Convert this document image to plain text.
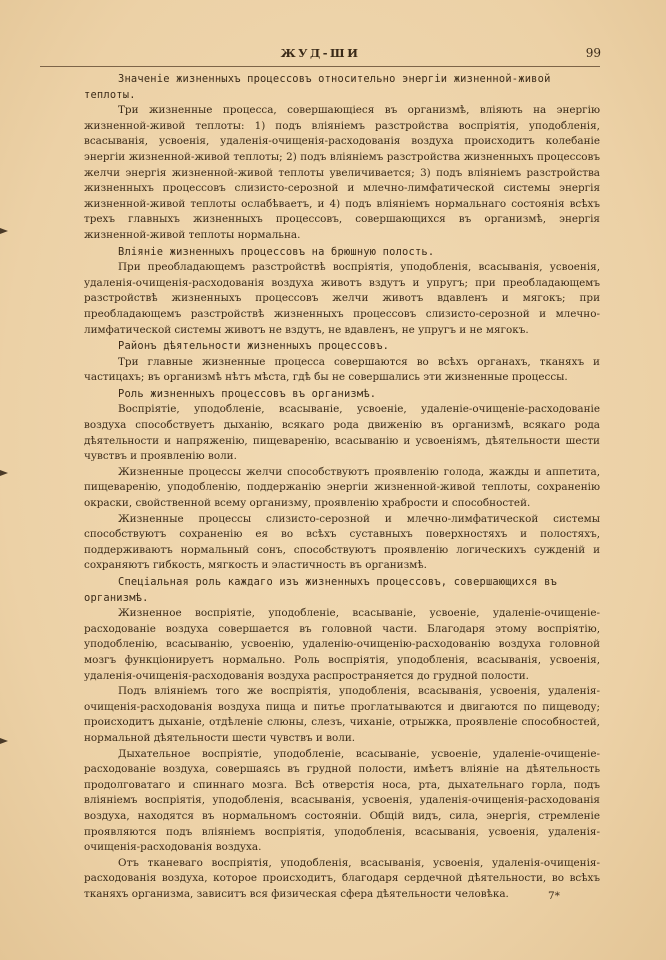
ЖУД-ШИ	99

Значеніе жизненныхъ процессовъ относительно энергіи жизненной-живой теплоты.

Три жизненные процесса, совершающіеся въ организмѣ, вліяють на энергію жизненной-живой теплоты: 1) подъ вліяніемъ разстройства воспріятія, уподобленія, всасыванія, усвоенія, удаленія-очищенія-расходованія воздуха происходитъ колебаніе энергіи жизненной-живой теплоты; 2) подъ вліяніемъ разстройства жизненныхъ процессовъ желчи энергія жизненной-живой теплоты увеличивается; 3) подъ вліяніемъ разстройства жизненныхъ процессовъ слизисто-серозной и млечно-лимфатической системы энергія жизненной-живой теплоты ослабѣваетъ, и 4) подъ вліяніемъ нормальнаго состоянія всѣхъ трехъ главныхъ жизненныхъ процессовъ, совершающихся въ организмѣ, энергія жизненной-живой теплоты нормальна.

Вліяніе жизненныхъ процессовъ на брюшную полость.

При преобладающемъ разстройствѣ воспріятія, уподобленія, всасыванія, усвоенія, удаленія-очищенія-расходованія воздуха животъ вздутъ и упругъ; при преобладающемъ разстройствѣ жизненныхъ процессовъ желчи животъ вдавленъ и мягокъ; при преобладающемъ разстройствѣ жизненныхъ процессовъ слизисто-серозной и млечно-лимфатической системы животъ не вздутъ, не вдавленъ, не упругъ и не мягокъ.

Районъ дѣятельности жизненныхъ процессовъ.

Три главные жизненные процесса совершаются во всѣхъ органахъ, тканяхъ и частицахъ; въ организмѣ нѣтъ мѣста, гдѣ бы не совершались эти жизненные процессы.

Роль жизненныхъ процессовъ въ организмѣ.

Воспріятіе, уподобленіе, всасываніе, усвоеніе, удаленіе-очищеніе-расходованіе воздуха способствуетъ дыханію, всякаго рода движенію въ организмѣ, всякаго рода дѣятельности и напряженію, пищеваренію, всасыванію и усвоеніямъ, дѣятельности шести чувствъ и проявленію воли.

Жизненные процессы желчи способствуютъ проявленію голода, жажды и аппетита, пищеваренію, уподобленію, поддержанію энергіи жизненной-живой теплоты, сохраненію окраски, свойственной всему организму, проявленію храбрости и способностей.

Жизненные процессы слизисто-серозной и млечно-лимфатической системы способствуютъ сохраненію ея во всѣхъ суставныхъ поверхностяхъ и полостяхъ, поддерживаютъ нормальный сонъ, способствуютъ проявленію логическихъ сужденій и сохраняютъ гибкость, мягкость и эластичность въ организмѣ.

Спеціальная роль каждаго изъ жизненныхъ процессовъ, совершающихся въ организмѣ.

Жизненное воспріятіе, уподобленіе, всасываніе, усвоеніе, удаленіе-очищеніе-расходованіе воздуха совершается въ головной части. Благодаря этому воспріятію, уподобленію, всасыванію, усвоенію, удаленію-очищенію-расходованію воздуха головной мозгъ функціонируетъ нормально. Роль воспріятія, уподобленія, всасыванія, усвоенія, удаленія-очищенія-расходованія воздуха распространяется до грудной полости.

Подъ вліяніемъ того же воспріятія, уподобленія, всасыванія, усвоенія, удаленія-очищенія-расходованія воздуха пища и питье проглатываются и двигаются по пищеводу; происходитъ дыханіе, отдѣленіе слюны, слезъ, чиханіе, отрыжка, проявленіе способностей, нормальной дѣятельности шести чувствъ и воли.

Дыхательное воспріятіе, уподобленіе, всасываніе, усвоеніе, удаленіе-очищеніе-расходованіе воздуха, совершаясь въ грудной полости, имѣетъ вліяніе на дѣятельность продолговатаго и спиннаго мозга. Всѣ отверстія носа, рта, дыхательнаго горла, подъ вліяніемъ воспріятія, уподобленія, всасыванія, усвоенія, удаленія-очищенія-расходованія воздуха, находятся въ нормальномъ состояніи. Общій видъ, сила, энергія, стремленіе проявляются подъ вліяніемъ воспріятія, уподобленія, всасыванія, усвоенія, удаленія-очищенія-расходованія воздуха.

Отъ тканеваго воспріятія, уподобленія, всасыванія, усвоенія, удаленія-очищенія-расходованія воздуха, которое происходитъ, благодаря сердечной дѣятельности, во всѣхъ тканяхъ организма, зависитъ вся физическая сфера дѣятельности человѣка.	7*
